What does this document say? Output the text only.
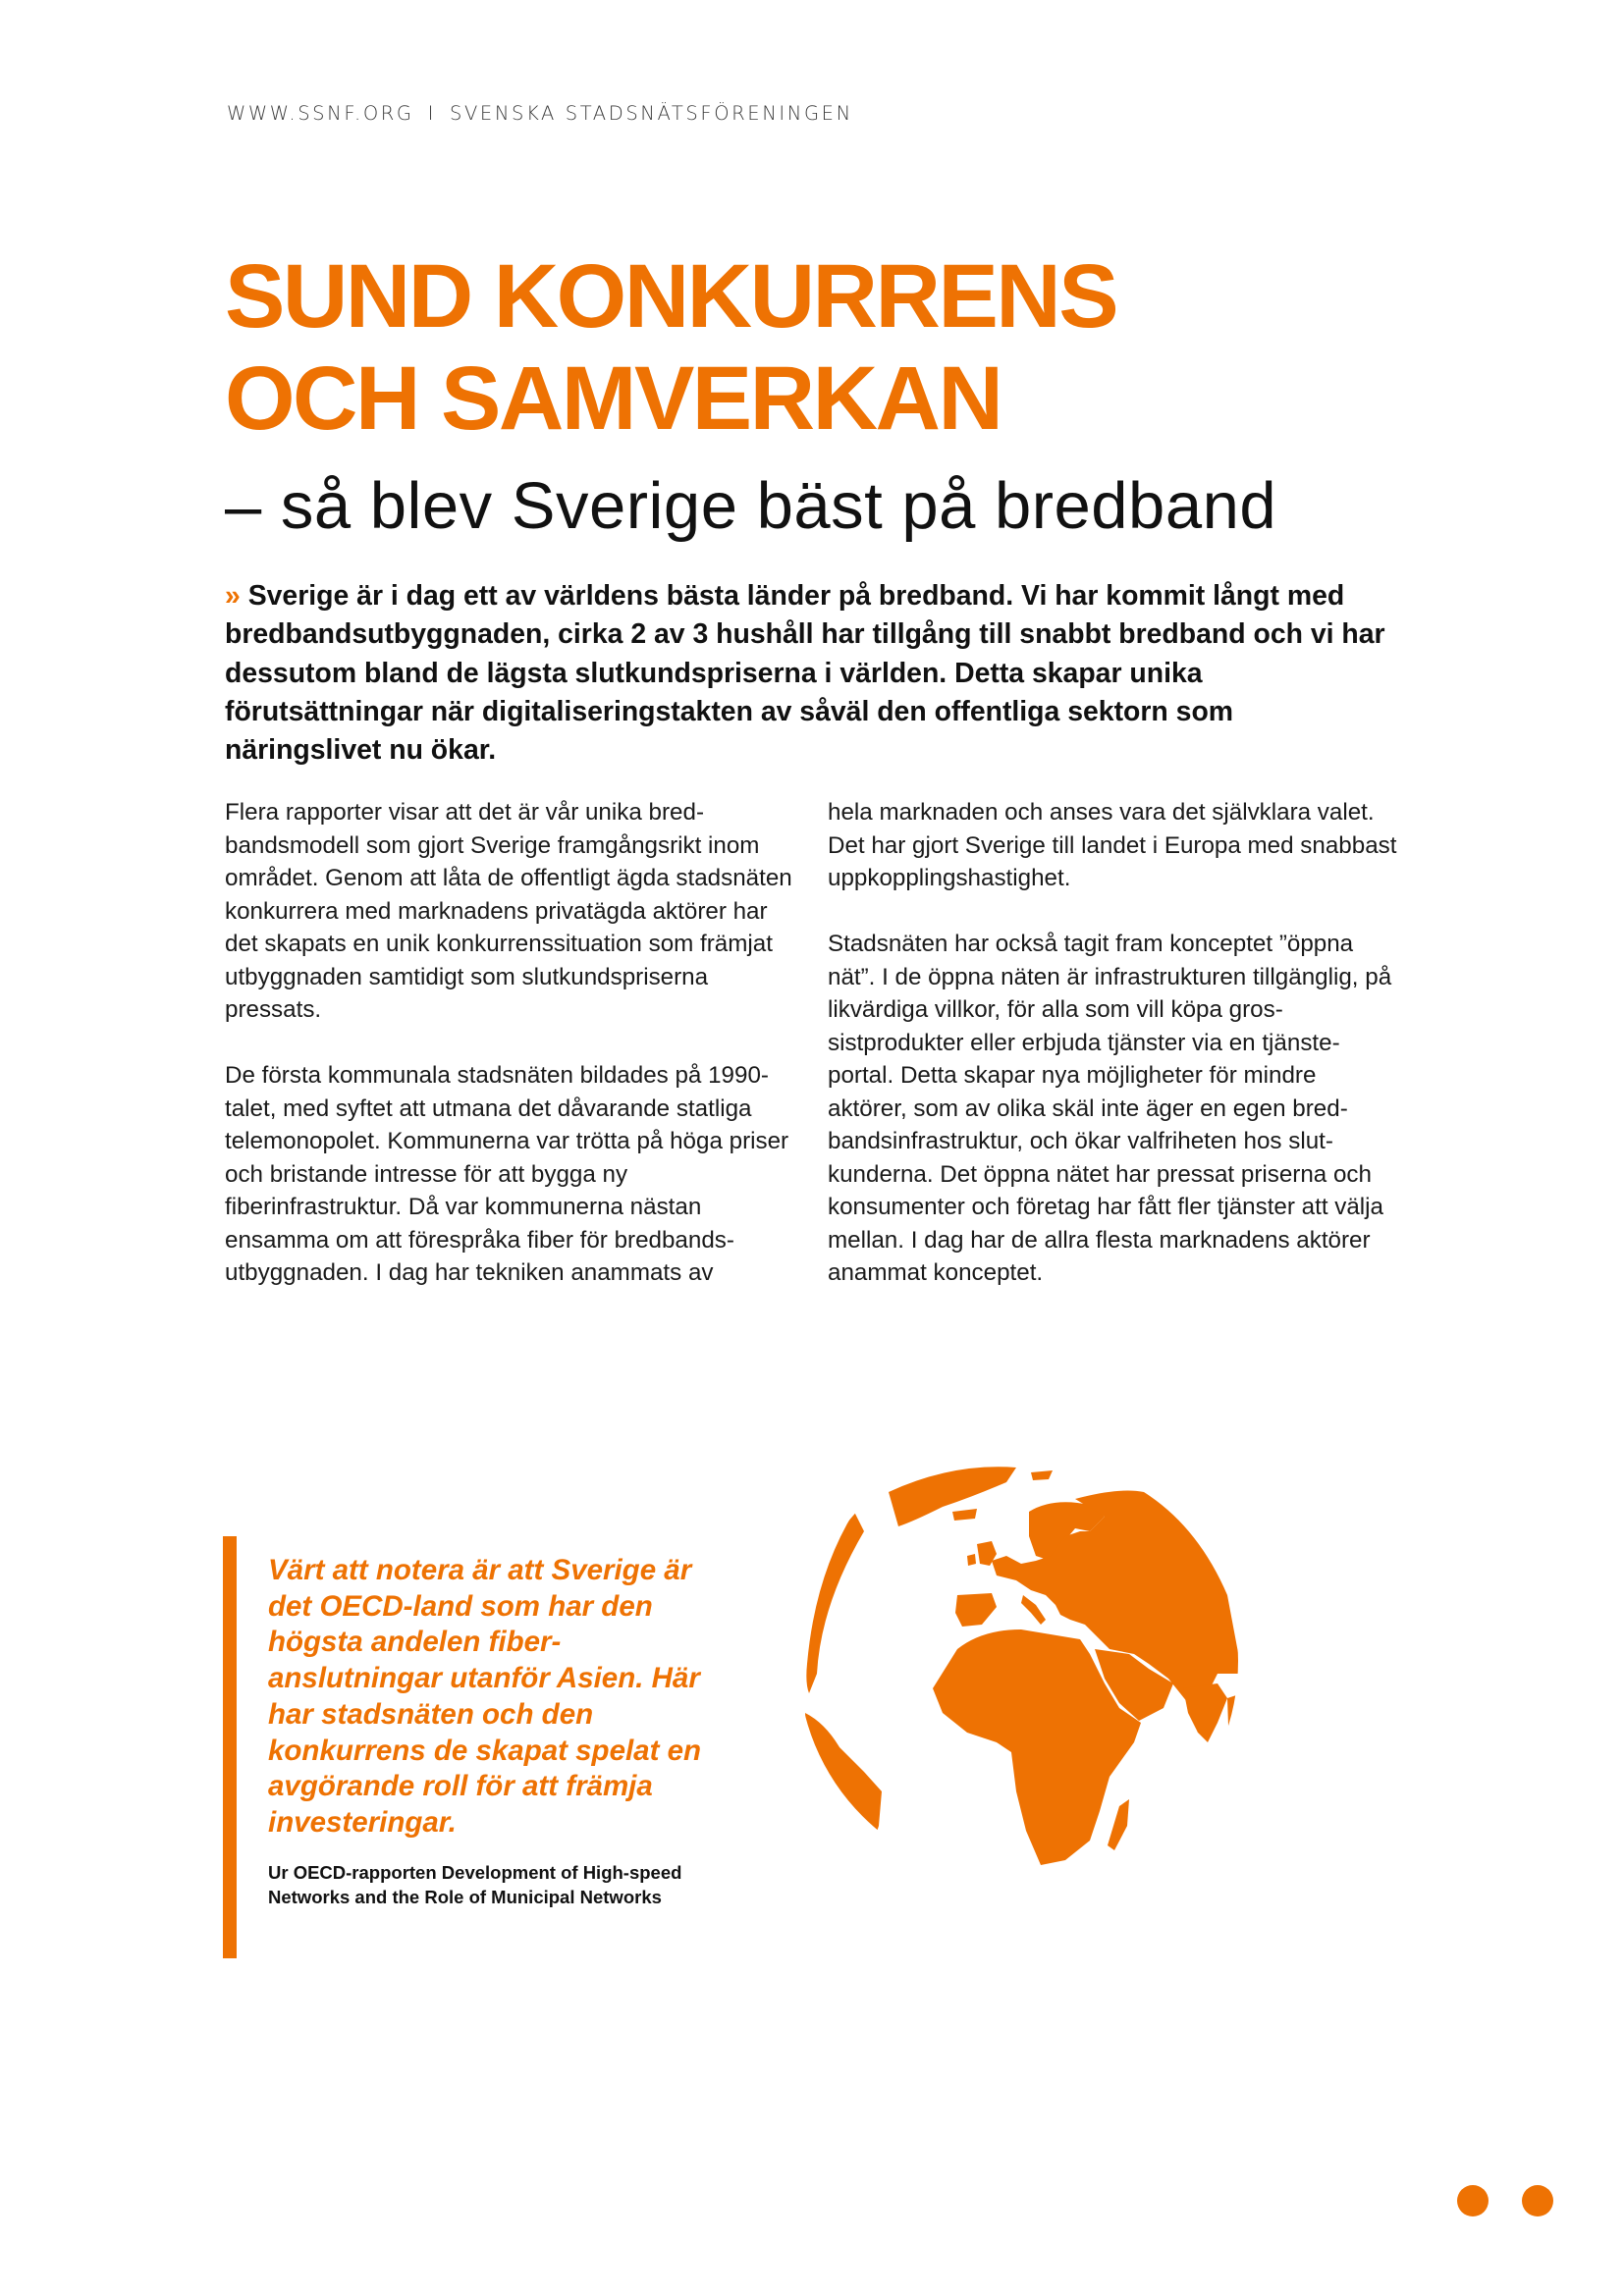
WWW.SSNF.ORG I SVENSKA STADSNÄTSFÖRENINGEN
SUND KONKURRENS
OCH SAMVERKAN
– så blev Sverige bäst på bredband
» Sverige är i dag ett av världens bästa länder på bredband. Vi har kommit långt med bredbandsutbyggnaden, cirka 2 av 3 hushåll har tillgång till snabbt bredband och vi har dessutom bland de lägsta slutkundspriserna i världen. Detta skapar unika förutsättningar när digitaliseringstakten av såväl den offentliga sektorn som näringslivet nu ökar.

Flera rapporter visar att det är vår unika bredbandsmodell som gjort Sverige framgångsrikt inom området. Genom att låta de offentligt ägda stadsnäten konkurrera med marknadens privatägda aktörer har det skapats en unik konkurrenssituation som främjat utbyggnaden samtidigt som slutkundspriserna pressats.

De första kommunala stadsnäten bildades på 1990-talet, med syftet att utmana det dåvarande statliga telemonopolet. Kommunerna var trötta på höga priser och bristande intresse för att bygga ny fiberinfrastruktur. Då var kommunerna nästan ensamma om att förespråka fiber för bredbandsutbyggnaden. I dag har tekniken anammats av

hela marknaden och anses vara det självklara valet. Det har gjort Sverige till landet i Europa med snabbast uppkopplingshastighet.

Stadsnäten har också tagit fram konceptet ”öppna nät”. I de öppna näten är infrastrukturen tillgänglig, på likvärdiga villkor, för alla som vill köpa grossistprodukter eller erbjuda tjänster via en tjänsteportal. Detta skapar nya möjligheter för mindre aktörer, som av olika skäl inte äger en egen bredbandsinfrastruktur, och ökar valfriheten hos slutkunderna. Det öppna nätet har pressat priserna och konsumenter och företag har fått fler tjänster att välja mellan. I dag har de allra flesta marknadens aktörer anammat konceptet.

Värt att notera är att Sverige är det OECD-land som har den högsta andelen fiberanslutningar utanför Asien. Här har stadsnäten och den konkurrens de skapat spelat en avgörande roll för att främja investeringar.
Ur OECD-rapporten Development of High-speed Networks and the Role of Municipal Networks
